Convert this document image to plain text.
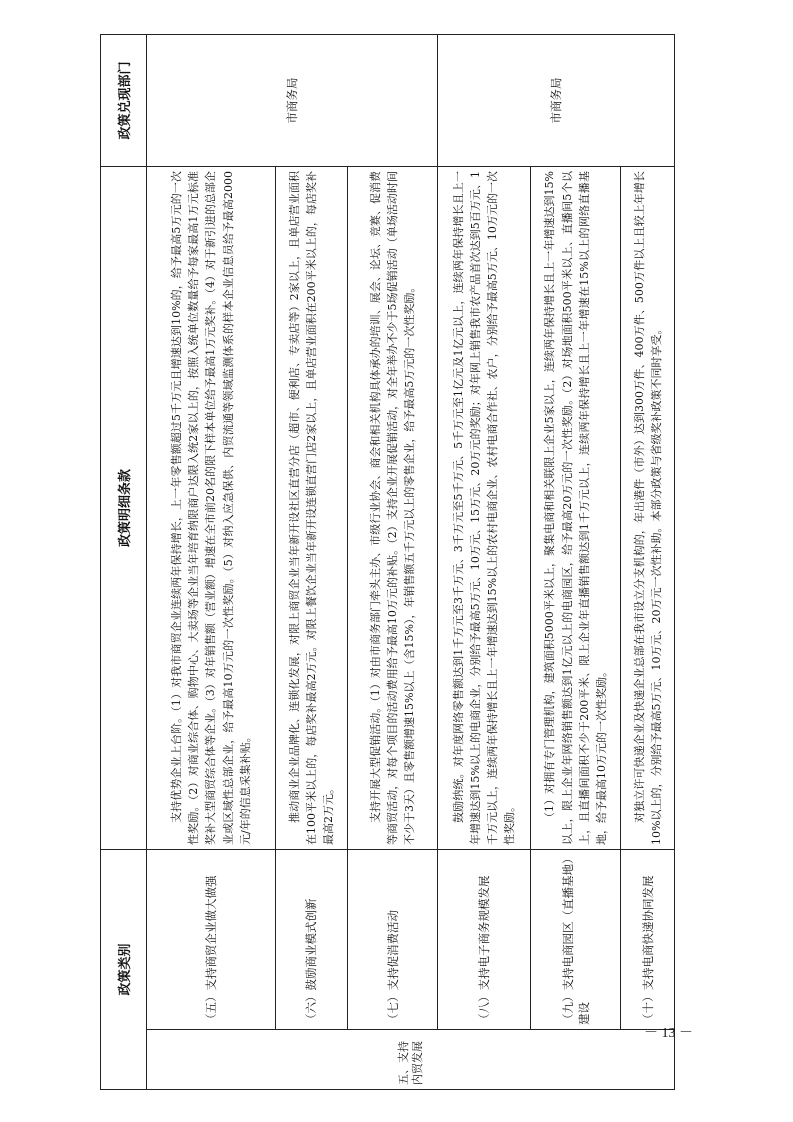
政策类别		政策明细条款	政策兑现部门
五、支持内贸发展	（五）支持商贸企业做大做强	支持优势企业上台阶。（1）对我市商贸企业连续两年保持增长，上一年零售额超过5千万元且增速达到10%的，给予最高5万元的一次性奖励。（2）对商业综合体、购物中心、大卖场等企业当年培育纳限商户达限入统2家以上的，按照入统单位数量给予每家最高1万元标准奖补大型商贸综合体等企业。（3）对年销售额（营业额）增速在全市前20名的限下样本单位给予最高1万元奖补。（4）对于新引进的总部企业或区域性总部企业，给予最高10万元的一次性奖励。（5）对纳入应急保供、内贸流通等领域监测体系的样本企业信息员给予最高2000元/年的信息采集补贴。	市商务局
	（六）鼓励商业模式创新	推动商业企业品牌化、连锁化发展，对限上商贸企业当年新开设社区直营分店（超市、便利店、专卖店等）2家以上，且单店营业面积在100平米以上的，每店奖补最高2万元。对限上餐饮企业当年新开设连锁直营门店2家以上，且单店营业面积在200平米以上的，每店奖补最高2万元。	

	（七）支持促消费活动	支持开展大型促销活动。（1）对由市商务部门牵头主办、市级行业协会、商会和相关机构具体承办的培训、展会、论坛、竞赛、促消费等商贸活动，对每个项目的活动费用给予最高10万元的补贴。（2）支持企业开展促销活动，对全年举办不少于5场促销活动（单场活动时间不少于3天）且零售额增速15%以上（含15%），年销售额五千万元以上的零售企业，给予最高5万元的一次性奖励。	

	（八）支持电子商务规模发展	鼓励纳统。对年度网络零售额达到1千万元至3千万元、3千万元至5千万元、5千万元至1亿元及1亿元以上，连续两年保持增长且上一年增速达到15%以上的电商企业，分别给予最高5万元、10万元、15万元、20万元的奖励；对年网上销售我市农产品首次达到5百万元、1千万元以上，连续两年保持增长且上一年增速达到15%以上的农村电商企业、农村电商合作社、农户，分别给予最高5万元、10万元的一次性奖励。	市商务局
	（九）支持电商园区（直播基地）建设	（1）对拥有专门管理机构，建筑面积5000平米以上，聚集电商和相关联限上企业5家以上，连续两年保持增长且上一年增速达到15%以上，限上企业年网络销售额达到1亿元以上的电商园区，给予最高20万元的一次性奖励。（2）对场地面积500平米以上、直播间5个以上，且直播间面积不少于200平米、限上企业年直播销售额达到1千万元以上，连续两年保持增长且上一年增速在15%以上的网络直播基地，给予最高10万元的一次性奖励。	

	（十）支持电商快递协同发展	对独立许可快递企业及快递企业总部在我市设立分支机构的，年出港件（市外）达到300万件、400万件、500万件以上且较上年增长10%以上的，分别给予最高5万元、10万元、20万元一次性补助。本部分政策与省级奖补政策不同时享受。	

－ 13 －
